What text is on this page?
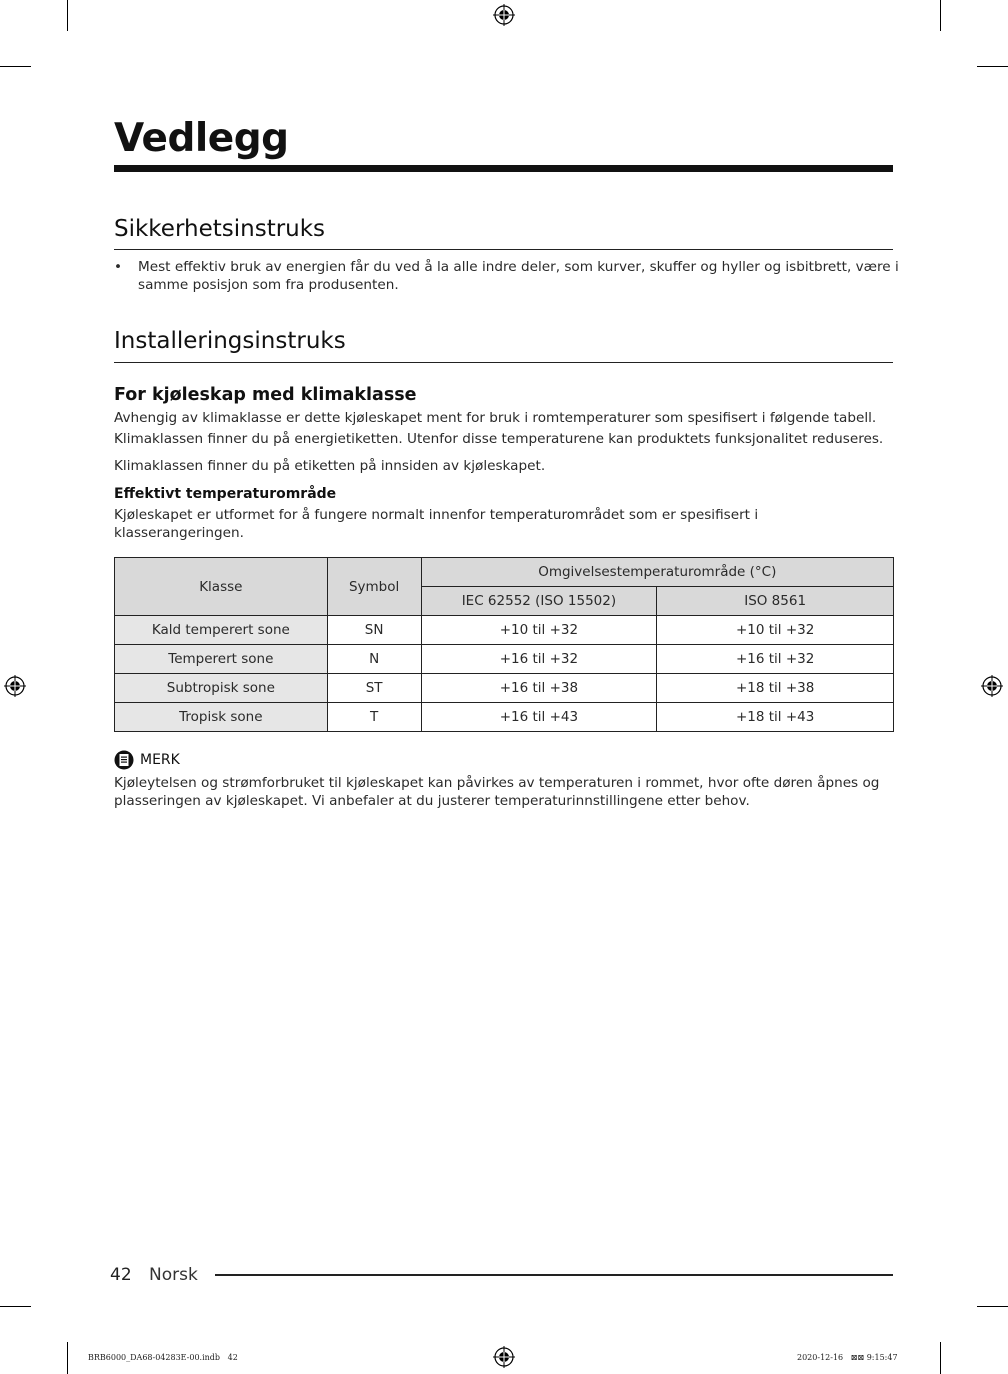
Vedlegg
Sikkerhetsinstruks
•	Mest effektiv bruk av energien får du ved å la alle indre deler, som kurver, skuffer og hyller og isbitbrett, være i samme posisjon som fra produsenten.
Installeringsinstruks
For kjøleskap med klimaklasse

Avhengig av klimaklasse er dette kjøleskapet ment for bruk i romtemperaturer som spesifisert i følgende tabell.

Klimaklassen finner du på energietiketten. Utenfor disse temperaturene kan produktets funksjonalitet reduseres.

Klimaklassen finner du på etiketten på innsiden av kjøleskapet.

Effektivt temperaturområde

Kjøleskapet er utformet for å fungere normalt innenfor temperaturområdet som er spesifisert i klasserangeringen.

Klasse	Symbol	Omgivelsestemperaturområde (°C)	
		IEC 62552 (ISO 15502)	ISO 8561
Kald temperert sone	SN	+10 til +32	+10 til +32
Temperert sone	N	+16 til +32	+16 til +32
Subtropisk sone	ST	+16 til +38	+18 til +38
Tropisk sone	T	+16 til +43	+18 til +43
MERK

Kjøleytelsen og strømforbruket til kjøleskapet kan påvirkes av temperaturen i rommet, hvor ofte døren åpnes og plasseringen av kjøleskapet. Vi anbefaler at du justerer temperaturinnstillingene etter behov.

42 Norsk
BRB6000_DA68-04283E-00.indb   42	2020-12-16   ⊠⊠ 9:15:47
